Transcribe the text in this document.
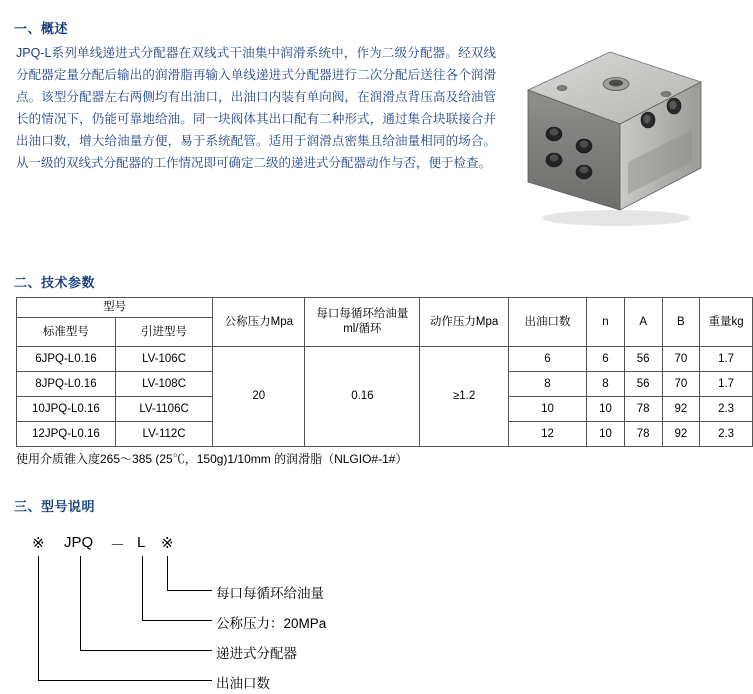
一、概述

JPQ-L系列单线递进式分配器在双线式干油集中润滑系统中，作为二级分配器。经双线分配器定量分配后输出的润滑脂再输入单线递进式分配器进行二次分配后送往各个润滑点。该型分配器左右两侧均有出油口，出油口内装有单向阀，在润滑点背压高及给油管长的情况下，仍能可靠地给油。同一块阀体其出口配有二种形式，通过集合块联接合并出油口数，增大给油量方便，易于系统配管。适用于润滑点密集且给油量相同的场合。从一级的双线式分配器的工作情况即可确定二级的递进式分配器动作与否，便于检查。

二、技术参数
型号		公称压力Mpa	每口每循环给油量
ml/循环	动作压力Mpa	出油口数	n	A	B	重量kg
标准型号	引进型号								
6JPQ-L0.16	LV-106C	20	0.16	≥1.2	6	6	56	70	1.7
8JPQ-L0.16	LV-108C				8	8	56	70	1.7
10JPQ-L0.16	LV-1106C				10	10	78	92	2.3
12JPQ-L0.16	LV-112C				12	10	78	92	2.3
使用介质锥入度265～385 (25℃，150g)1/10mm 的润滑脂（NLGIO#-1#）
三、型号说明
※ JPQ － L ※
每口每循环给油量
公称压力：20MPa
递进式分配器
出油口数
